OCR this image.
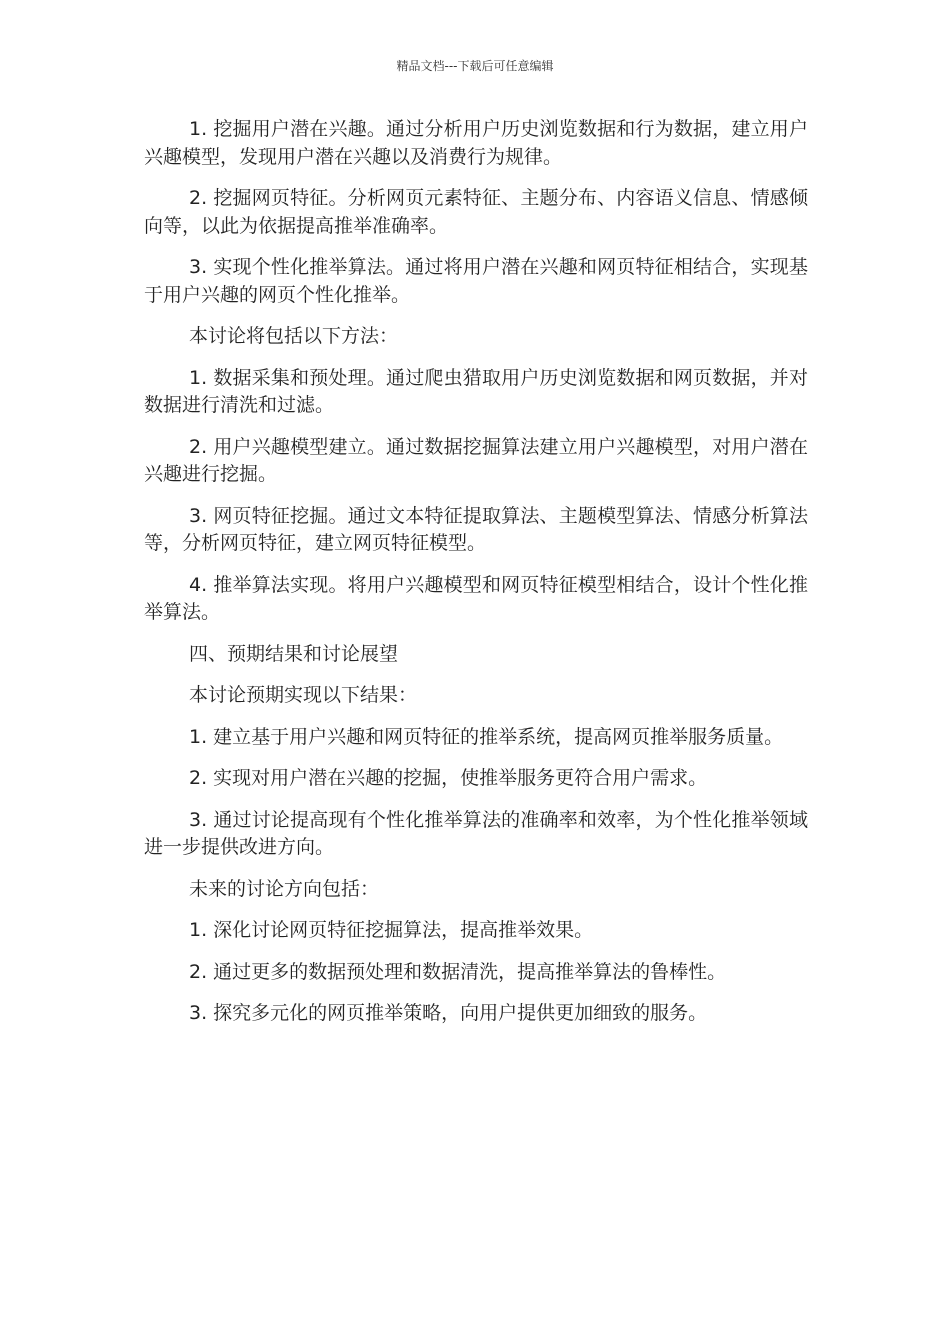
精品文档---下载后可任意编辑

1. 挖掘用户潜在兴趣。通过分析用户历史浏览数据和行为数据，建立用户兴趣模型，发现用户潜在兴趣以及消费行为规律。

2. 挖掘网页特征。分析网页元素特征、主题分布、内容语义信息、情感倾向等，以此为依据提高推举准确率。

3. 实现个性化推举算法。通过将用户潜在兴趣和网页特征相结合，实现基于用户兴趣的网页个性化推举。

本讨论将包括以下方法：

1. 数据采集和预处理。通过爬虫猎取用户历史浏览数据和网页数据，并对数据进行清洗和过滤。

2. 用户兴趣模型建立。通过数据挖掘算法建立用户兴趣模型，对用户潜在兴趣进行挖掘。

3. 网页特征挖掘。通过文本特征提取算法、主题模型算法、情感分析算法等，分析网页特征，建立网页特征模型。

4. 推举算法实现。将用户兴趣模型和网页特征模型相结合，设计个性化推举算法。

四、预期结果和讨论展望

本讨论预期实现以下结果：

1. 建立基于用户兴趣和网页特征的推举系统，提高网页推举服务质量。

2. 实现对用户潜在兴趣的挖掘，使推举服务更符合用户需求。

3. 通过讨论提高现有个性化推举算法的准确率和效率，为个性化推举领域进一步提供改进方向。

未来的讨论方向包括：

1. 深化讨论网页特征挖掘算法，提高推举效果。

2. 通过更多的数据预处理和数据清洗，提高推举算法的鲁棒性。

3. 探究多元化的网页推举策略，向用户提供更加细致的服务。
